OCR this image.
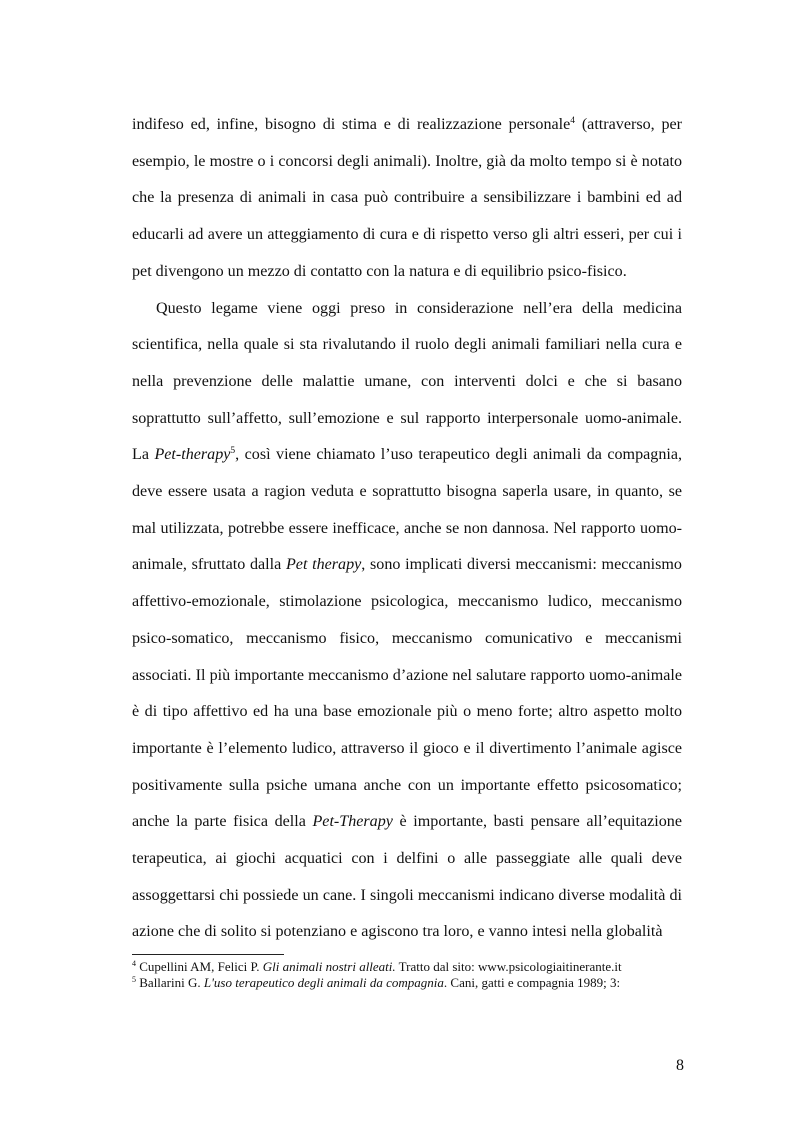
indifeso ed, infine, bisogno di stima e di realizzazione personale$^4$ (attraverso, per esempio, le mostre o i concorsi degli animali). Inoltre, già da molto tempo si è notato che la presenza di animali in casa può contribuire a sensibilizzare i bambini ed ad educarli ad avere un atteggiamento di cura e di rispetto verso gli altri esseri, per cui i pet divengono un mezzo di contatto con la natura e di equilibrio psico-fisico.

Questo legame viene oggi preso in considerazione nell’era della medicina scientifica, nella quale si sta rivalutando il ruolo degli animali familiari nella cura e nella prevenzione delle malattie umane, con interventi dolci e che si basano soprattutto sull’affetto, sull’emozione e sul rapporto interpersonale uomo-animale. La Pet-therapy$^5$, così viene chiamato l’uso terapeutico degli animali da compagnia, deve essere usata a ragion veduta e soprattutto bisogna saperla usare, in quanto, se mal utilizzata, potrebbe essere inefficace, anche se non dannosa. Nel rapporto uomo-animale, sfruttato dalla Pet therapy, sono implicati diversi meccanismi: meccanismo affettivo-emozionale, stimolazione psicologica, meccanismo ludico, meccanismo psico-somatico, meccanismo fisico, meccanismo comunicativo e meccanismi associati. Il più importante meccanismo d’azione nel salutare rapporto uomo-animale è di tipo affettivo ed ha una base emozionale più o meno forte; altro aspetto molto importante è l’elemento ludico, attraverso il gioco e il divertimento l’animale agisce positivamente sulla psiche umana anche con un importante effetto psicosomatico; anche la parte fisica della Pet-Therapy è importante, basti pensare all’equitazione terapeutica, ai giochi acquatici con i delfini o alle passeggiate alle quali deve assoggettarsi chi possiede un cane. I singoli meccanismi indicano diverse modalità di azione che di solito si potenziano e agiscono tra loro, e vanno intesi nella globalità

$^4$ Cupellini AM, Felici P. Gli animali nostri alleati. Tratto dal sito: www.psicologiaitinerante.it
$^5$ Ballarini G. L'uso terapeutico degli animali da compagnia. Cani, gatti e compagnia 1989; 3:
8
